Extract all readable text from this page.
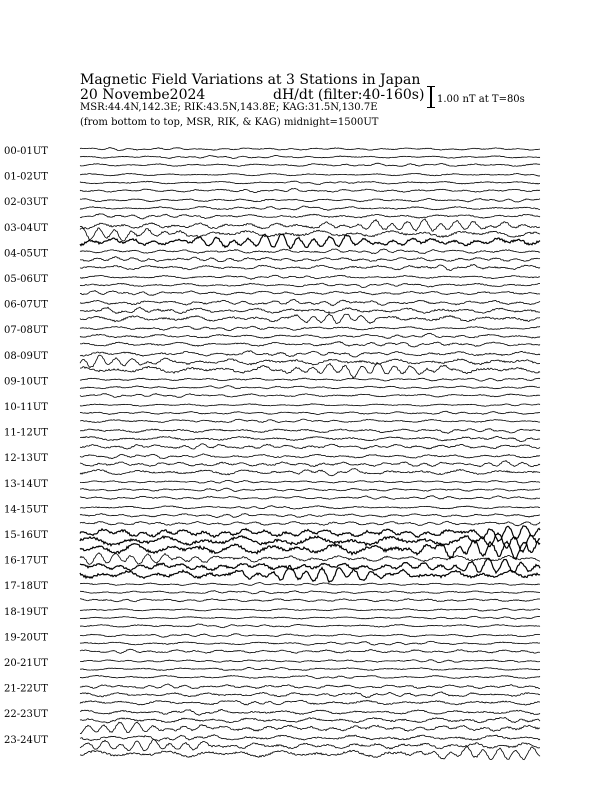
Magnetic Field Variations at 3 Stations in Japan
20 Novembe2024	dH/dt (filter:40-160s)
MSR:44.4N,142.3E; RIK:43.5N,143.8E; KAG:31.5N,130.7E
(from bottom to top, MSR, RIK, & KAG) midnight=1500UT
1.00 nT at T=80s
00-01UT
01-02UT
02-03UT
03-04UT
04-05UT
05-06UT
06-07UT
07-08UT
08-09UT
09-10UT
10-11UT
11-12UT
12-13UT
13-14UT
14-15UT
15-16UT
16-17UT
17-18UT
18-19UT
19-20UT
20-21UT
21-22UT
22-23UT
23-24UT
